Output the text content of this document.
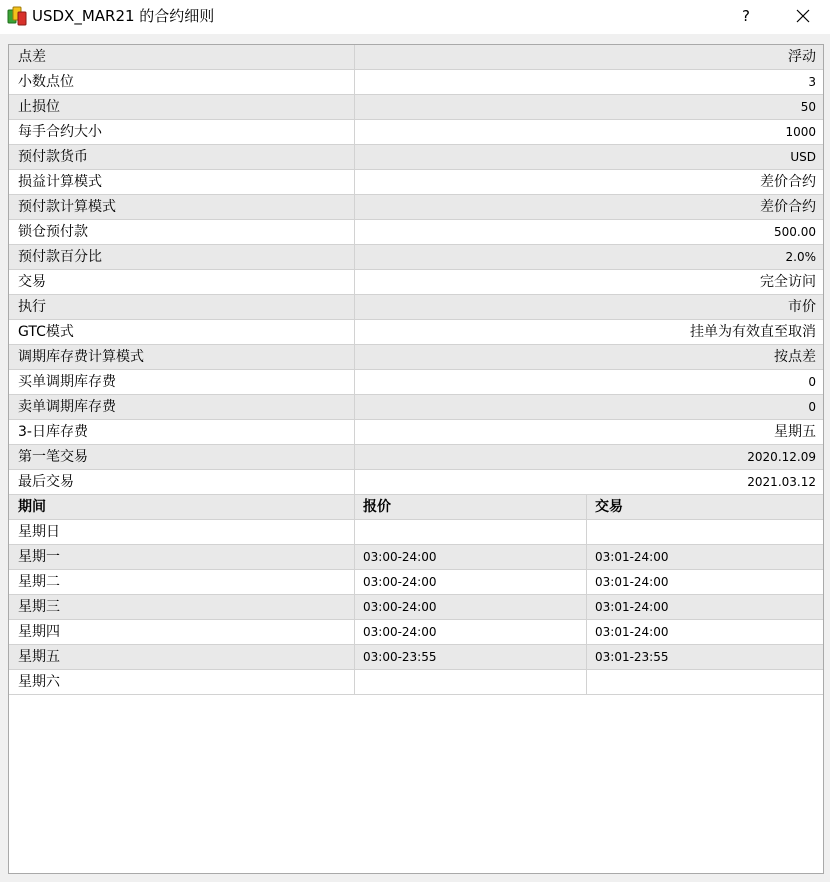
USDX_MAR21 的合约细则	?
点差	浮动
小数点位	3
止损位	50
每手合约大小	1000
预付款货币	USD
损益计算模式	差价合约
预付款计算模式	差价合约
锁仓预付款	500.00
预付款百分比	2.0%
交易	完全访问
执行	市价
GTC模式	挂单为有效直至取消
调期库存费计算模式	按点差
买单调期库存费	0
卖单调期库存费	0
3-日库存费	星期五
第一笔交易	2020.12.09
最后交易	2021.03.12
期间	报价	交易
星期日
星期一	03:00-24:00	03:01-24:00
星期二	03:00-24:00	03:01-24:00
星期三	03:00-24:00	03:01-24:00
星期四	03:00-24:00	03:01-24:00
星期五	03:00-23:55	03:01-23:55
星期六
